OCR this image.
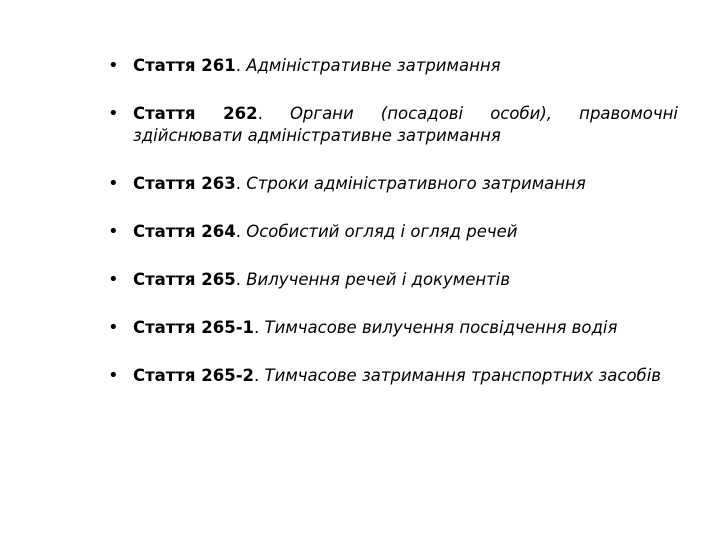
• Стаття 261. Адміністративне затримання
• Стаття 262. Органи (посадові особи), правомочні здійснювати адміністративне затримання
• Стаття 263. Строки адміністративного затримання
• Стаття 264. Особистий огляд і огляд речей
• Стаття 265. Вилучення речей і документів
• Стаття 265-1. Тимчасове вилучення посвідчення водія
• Стаття 265-2. Тимчасове затримання транспортних засобів
